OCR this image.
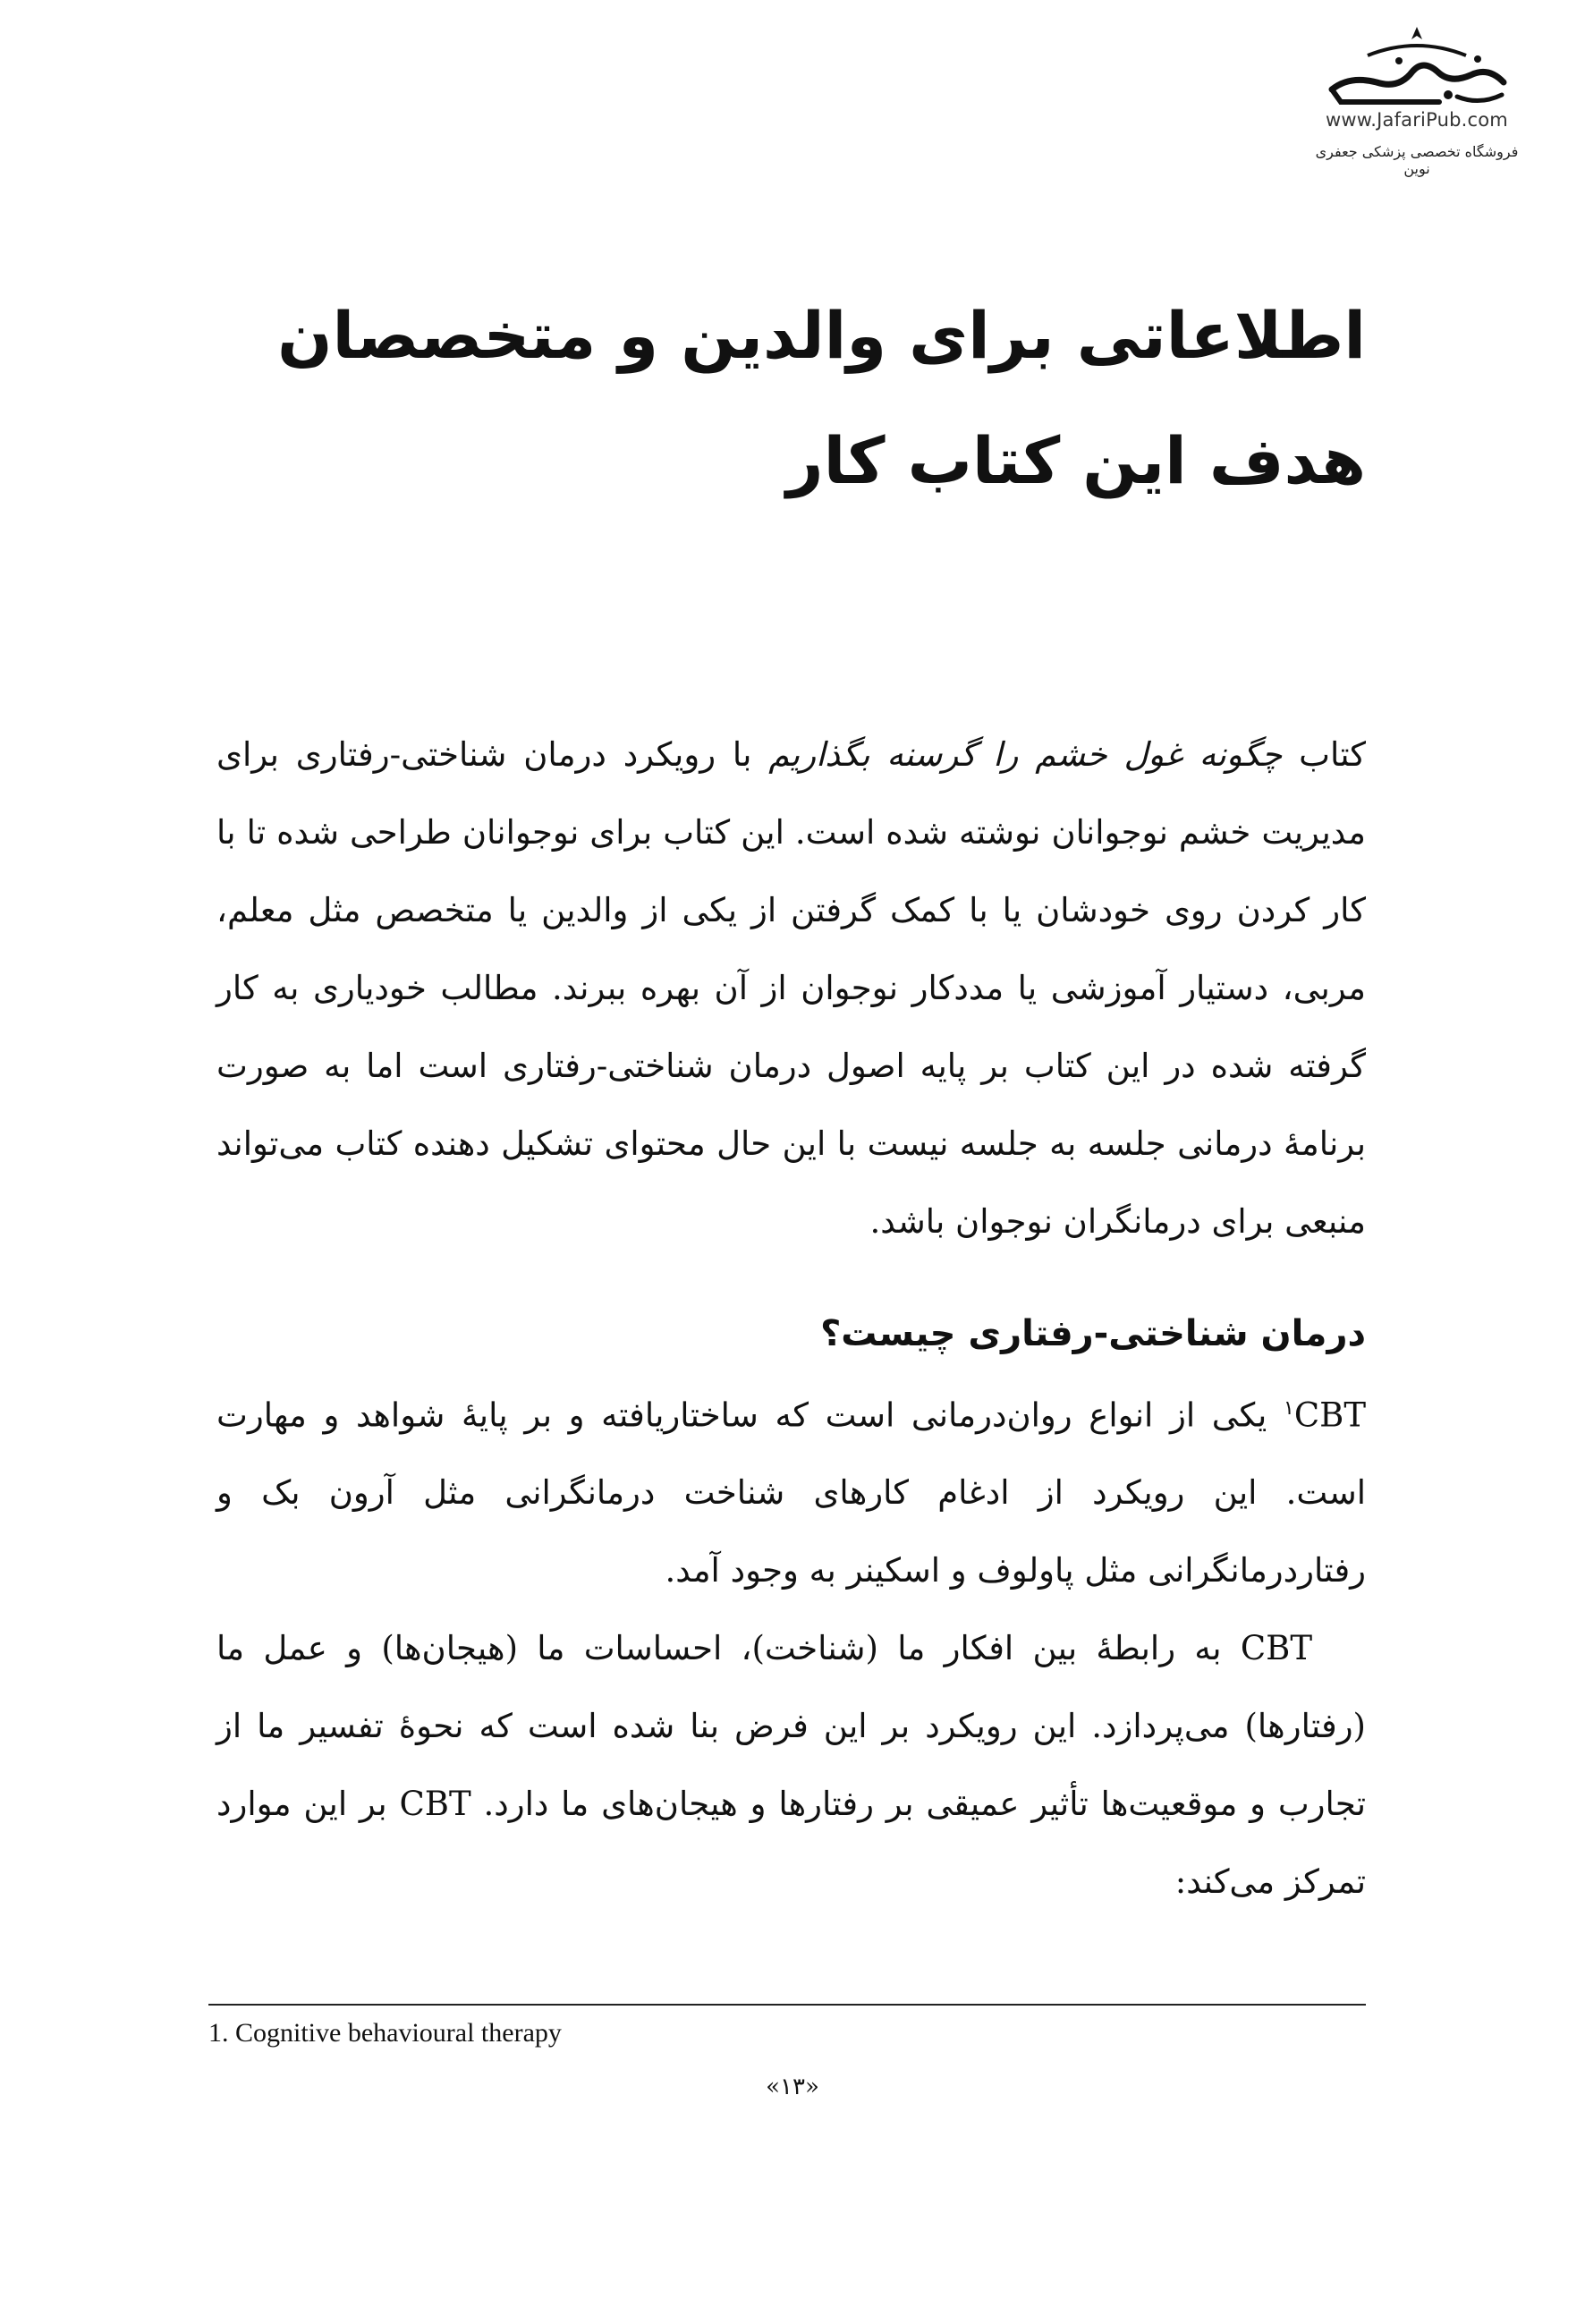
www.JafariPub.com
فروشگاه تخصصی پزشکی جعفری نوین
اطلاعاتی برای والدین و متخصصان
هدف این کتاب کار

کتاب چگونه غول خشم را گرسنه بگذاریم با رویکرد درمان شناختی-رفتاری برای مدیریت خشم نوجوانان نوشته شده است. این کتاب برای نوجوانان طراحی شده تا با کار کردن روی خودشان یا با کمک گرفتن از یکی از والدین یا متخصص مثل معلم، مربی، دستیار آموزشی یا مددکار نوجوان از آن بهره ببرند. مطالب خودیاری به کار گرفته شده در این کتاب بر پایه اصول درمان شناختی-رفتاری است اما به صورت برنامۀ درمانی جلسه به جلسه نیست با این حال محتوای تشکیل دهنده کتاب می‌تواند منبعی برای درمانگران نوجوان باشد.

درمان شناختی-رفتاری چیست؟

CBT$^۱$ یکی از انواع روان‌درمانی است که ساختاریافته و بر پایۀ شواهد و مهارت است. این رویکرد از ادغام کارهای شناخت درمانگرانی مثل آرون بک و رفتاردرمانگرانی مثل پاولوف و اسکینر به وجود آمد.

CBT به رابطۀ بین افکار ما (شناخت)، احساسات ما (هیجان‌ها) و عمل ما (رفتارها) می‌پردازد. این رویکرد بر این فرض بنا شده است که نحوۀ تفسیر ما از تجارب و موقعیت‌ها تأثیر عمیقی بر رفتارها و هیجان‌های ما دارد. CBT بر این موارد تمرکز می‌کند:

1. Cognitive behavioural therapy
«۱۳»
